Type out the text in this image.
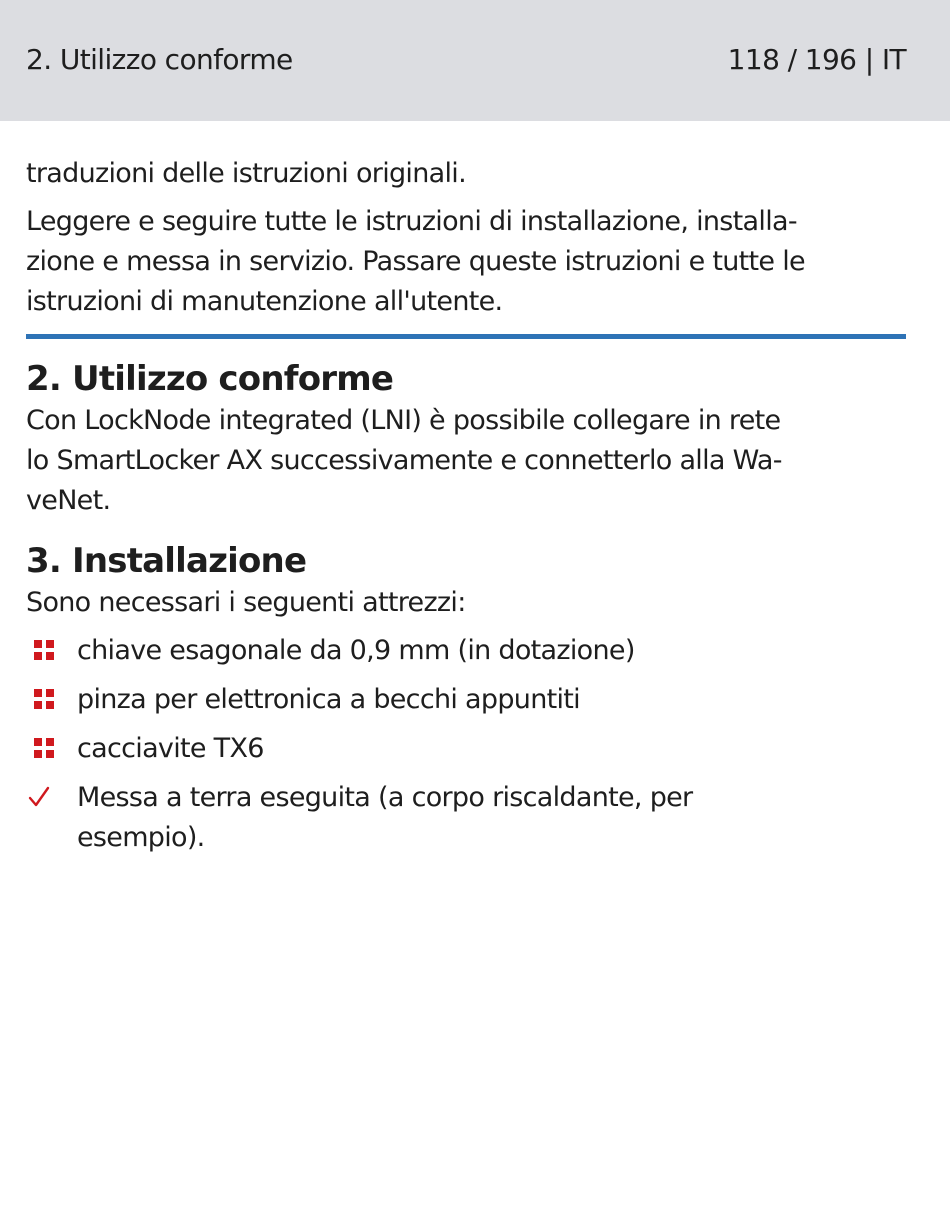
2. Utilizzo conforme	118 / 196 | IT

traduzioni delle istruzioni originali.

Leggere e seguire tutte le istruzioni di installazione, installa-

zione e messa in servizio. Passare queste istruzioni e tutte le

istruzioni di manutenzione all'utente.

2. Utilizzo conforme

Con LockNode integrated (LNI) è possibile collegare in rete

lo SmartLocker AX successivamente e connetterlo alla Wa-

veNet.

3. Installazione

Sono necessari i seguenti attrezzi:

chiave esagonale da 0,9 mm (in dotazione)
pinza per elettronica a becchi appuntiti
cacciavite TX6

Messa a terra eseguita (a corpo riscaldante, per

esempio).
